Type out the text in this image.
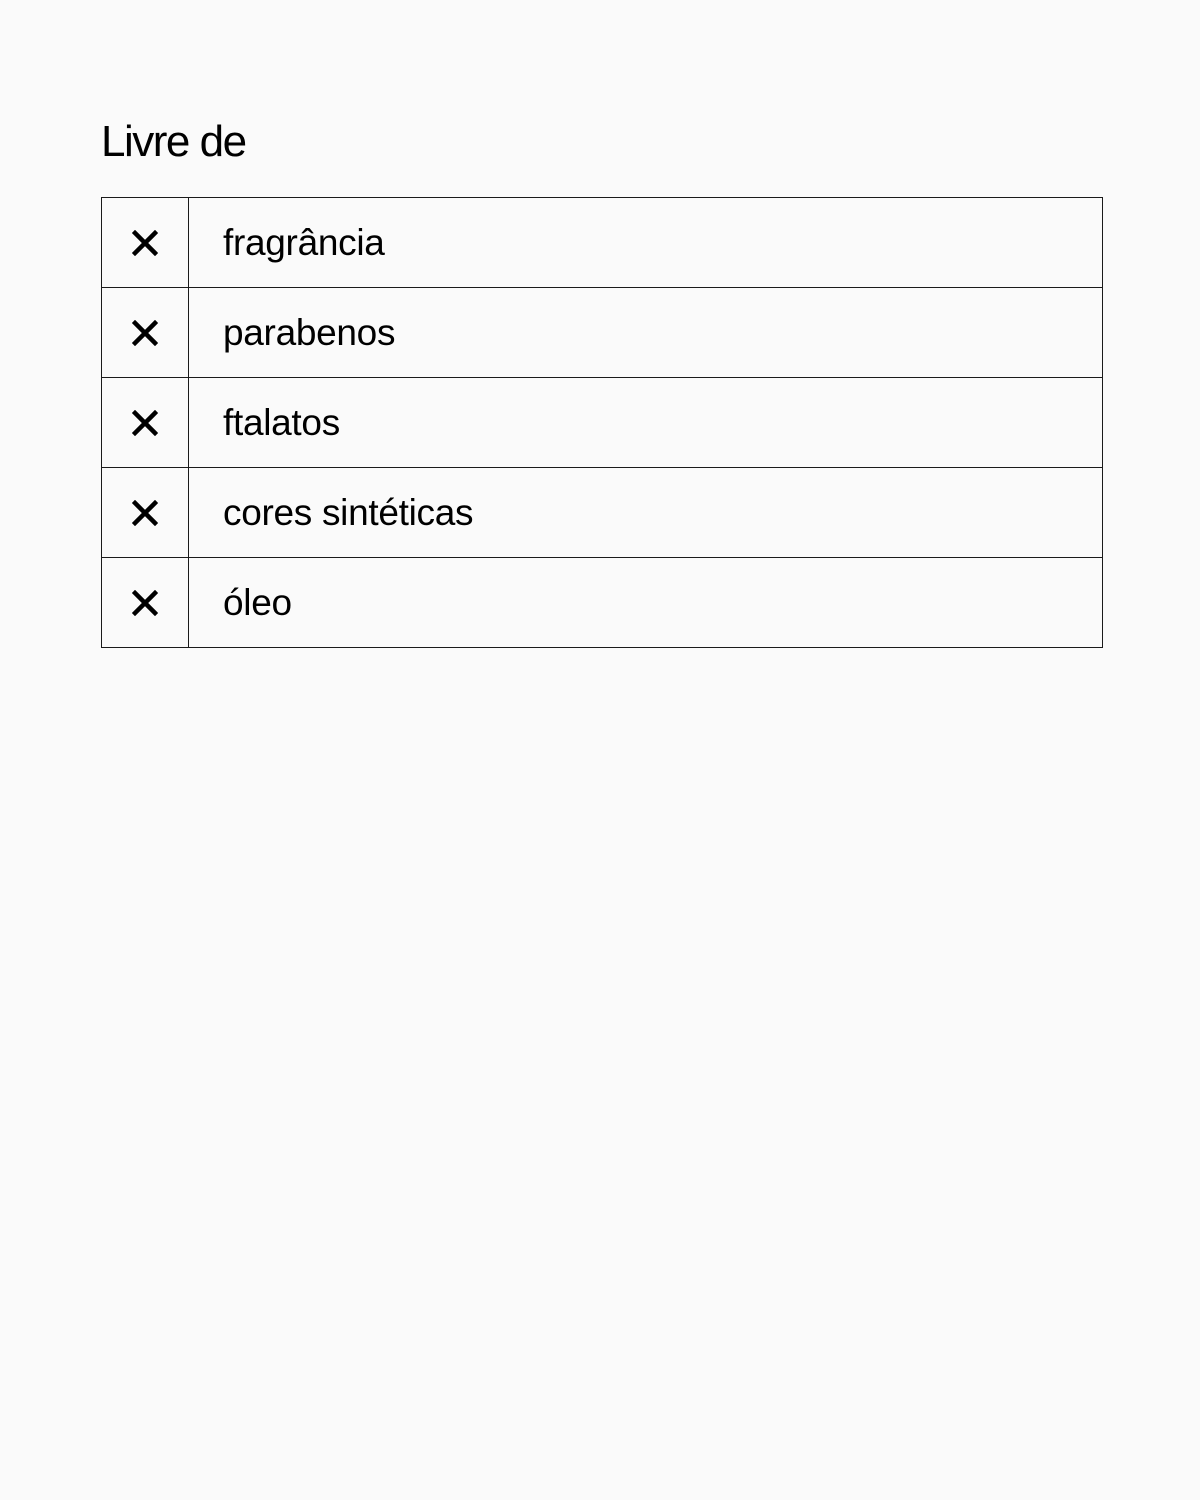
Livre de
	fragrância

	parabenos

	ftalatos

	cores sintéticas

	óleo
